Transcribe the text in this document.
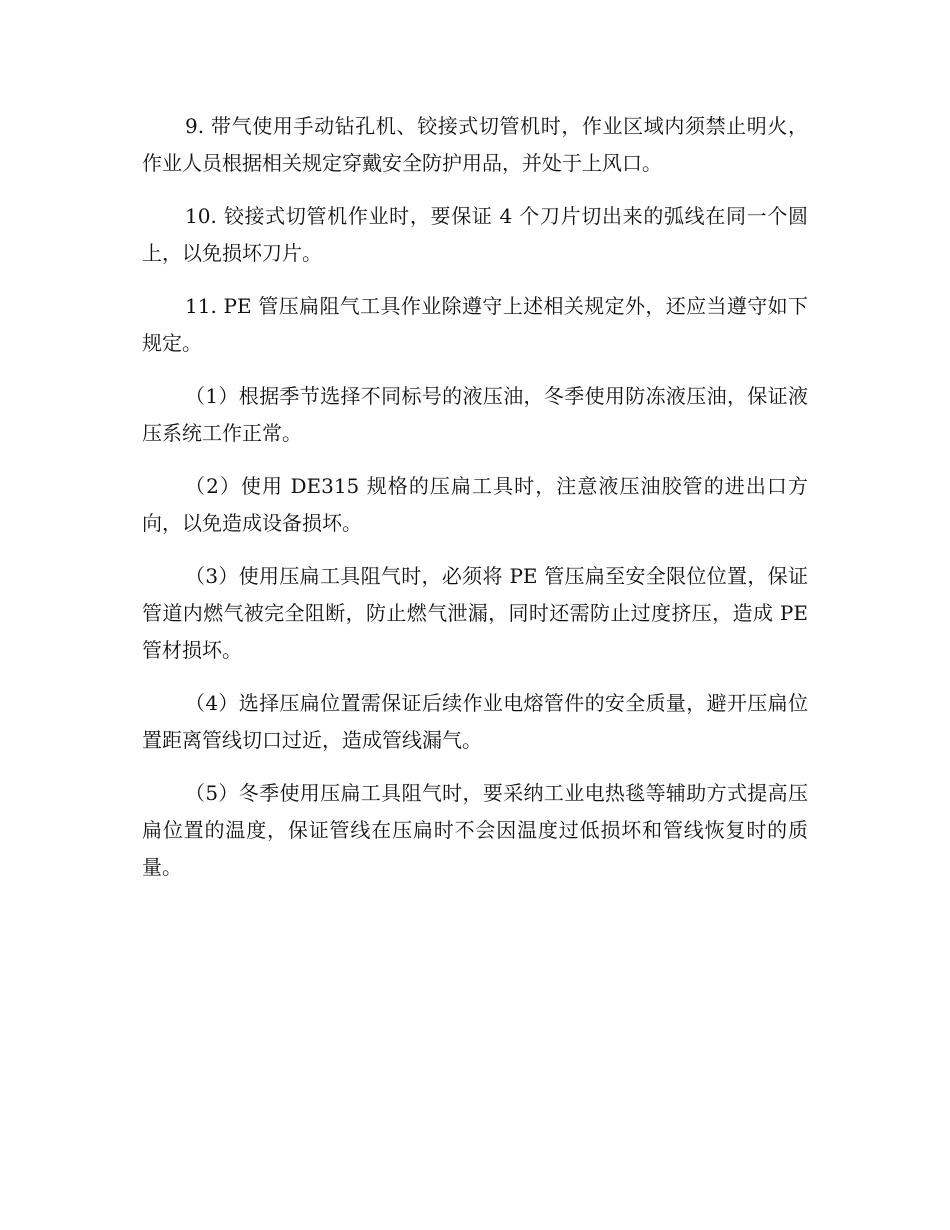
9. 带气使用手动钻孔机、铰接式切管机时，作业区域内须禁止明火，作业人员根据相关规定穿戴安全防护用品，并处于上风口。

10. 铰接式切管机作业时，要保证 4 个刀片切出来的弧线在同一个圆上，以免损坏刀片。

11. PE 管压扁阻气工具作业除遵守上述相关规定外，还应当遵守如下规定。

（1）根据季节选择不同标号的液压油，冬季使用防冻液压油，保证液压系统工作正常。

（2）使用 DE315 规格的压扁工具时，注意液压油胶管的进出口方向，以免造成设备损坏。

（3）使用压扁工具阻气时，必须将 PE 管压扁至安全限位位置，保证管道内燃气被完全阻断，防止燃气泄漏，同时还需防止过度挤压，造成 PE 管材损坏。

（4）选择压扁位置需保证后续作业电熔管件的安全质量，避开压扁位置距离管线切口过近，造成管线漏气。

（5）冬季使用压扁工具阻气时，要采纳工业电热毯等辅助方式提高压扁位置的温度，保证管线在压扁时不会因温度过低损坏和管线恢复时的质量。
